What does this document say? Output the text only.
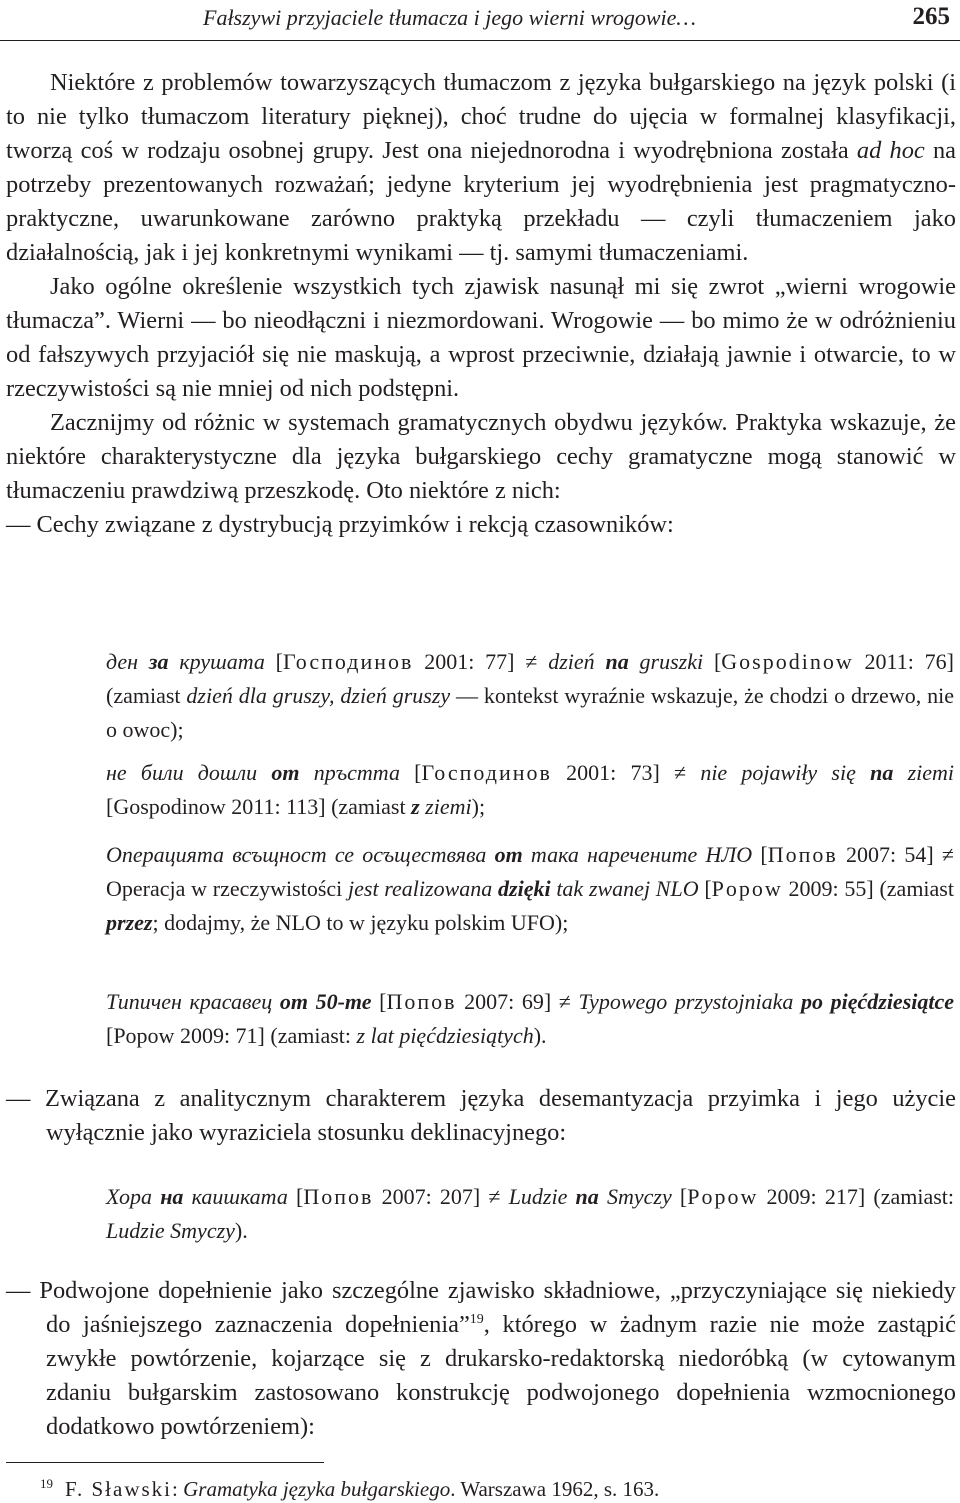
Fałszywi przyjaciele tłumacza i jego wierni wrogowie…	265

Niektóre z problemów towarzyszących tłumaczom z języka bułgarskiego na język polski (i to nie tylko tłumaczom literatury pięknej), choć trudne do ujęcia w formalnej klasyfikacji, tworzą coś w rodzaju osobnej grupy. Jest ona niejednorodna i wyodrębniona została ad hoc na potrzeby prezentowanych rozważań; jedyne kryterium jej wyodrębnienia jest pragmatyczno-praktyczne, uwarunkowane zarówno praktyką przekładu — czyli tłumaczeniem jako działalnością, jak i jej konkretnymi wynikami — tj. samymi tłumaczeniami.

Jako ogólne określenie wszystkich tych zjawisk nasunął mi się zwrot „wierni wrogowie tłumacza”. Wierni — bo nieodłączni i niezmordowani. Wrogowie — bo mimo że w odróżnieniu od fałszywych przyjaciół się nie maskują, a wprost przeciwnie, działają jawnie i otwarcie, to w rzeczywistości są nie mniej od nich podstępni.

Zacznijmy od różnic w systemach gramatycznych obydwu języków. Praktyka wskazuje, że niektóre charakterystyczne dla języka bułgarskiego cechy gramatyczne mogą stanowić w tłumaczeniu prawdziwą przeszkodę. Oto niektóre z nich:

— Cechy związane z dystrybucją przyimków i rekcją czasowników:

ден за крушата [Господинов 2001: 77] ≠ dzień na gruszki [Gospodinow 2011: 76] (zamiast dzień dla gruszy, dzień gruszy — kontekst wyraźnie wskazuje, że chodzi o drzewo, nie o owoc);

не били дошли от пръстта [Господинов 2001: 73] ≠ nie pojawiły się na ziemi [Gospodinow 2011: 113] (zamiast z ziemi);

Операцията всъщност се осъществява от така наречените НЛО [Попов 2007: 54] ≠ Operacja w rzeczywistości jest realizowana dzięki tak zwanej NLO [Popow 2009: 55] (zamiast przez; dodajmy, że NLO to w języku polskim UFO);

Типичен красавец от 50-те [Попов 2007: 69] ≠ Typowego przystojniaka po pięćdziesiątce [Popow 2009: 71] (zamiast: z lat pięćdziesiątych).

— Związana z analitycznym charakterem języka desemantyzacja przyimka i jego użycie wyłącznie jako wyraziciela stosunku deklinacyjnego:

Хора на каишката [Попов 2007: 207] ≠ Ludzie na Smyczy [Popow 2009: 217] (zamiast: Ludzie Smyczy).

— Podwojone dopełnienie jako szczególne zjawisko składniowe, „przyczyniające się niekiedy do jaśniejszego zaznaczenia dopełnienia”$^{19}$, którego w żadnym razie nie może zastąpić zwykłe powtórzenie, kojarzące się z drukarsko-redaktorską niedoróbką (w cytowanym zdaniu bułgarskim zastosowano konstrukcję podwojonego dopełnienia wzmocnionego dodatkowo powtórzeniem):
$^{19}$ F. Sławski: Gramatyka języka bułgarskiego. Warszawa 1962, s. 163.
